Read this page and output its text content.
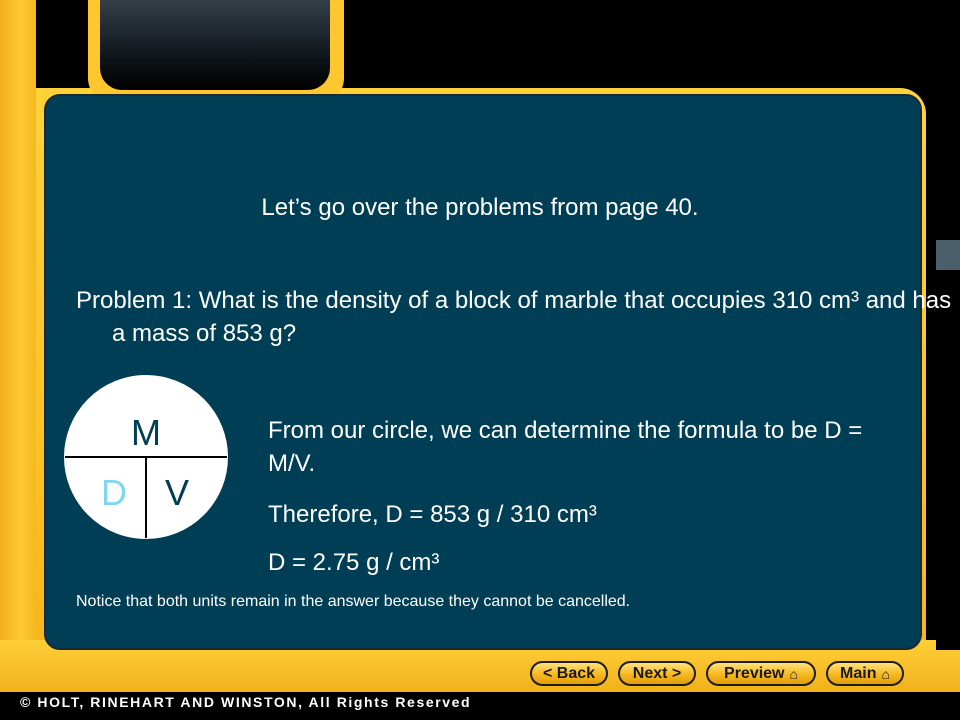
Let’s go over the problems from page 40.
Problem 1: What is the density of a block of marble that occupies 310 cm³ and has a mass of 853 g?
M
D V
From our circle, we can determine the formula to be D = M/V.
Therefore, D = 853 g / 310 cm³
D = 2.75 g / cm³
Notice that both units remain in the answer because they cannot be cancelled.
< Back Next >	Preview ⌂	Main ⌂
© HOLT, RINEHART AND WINSTON, All Rights Reserved
